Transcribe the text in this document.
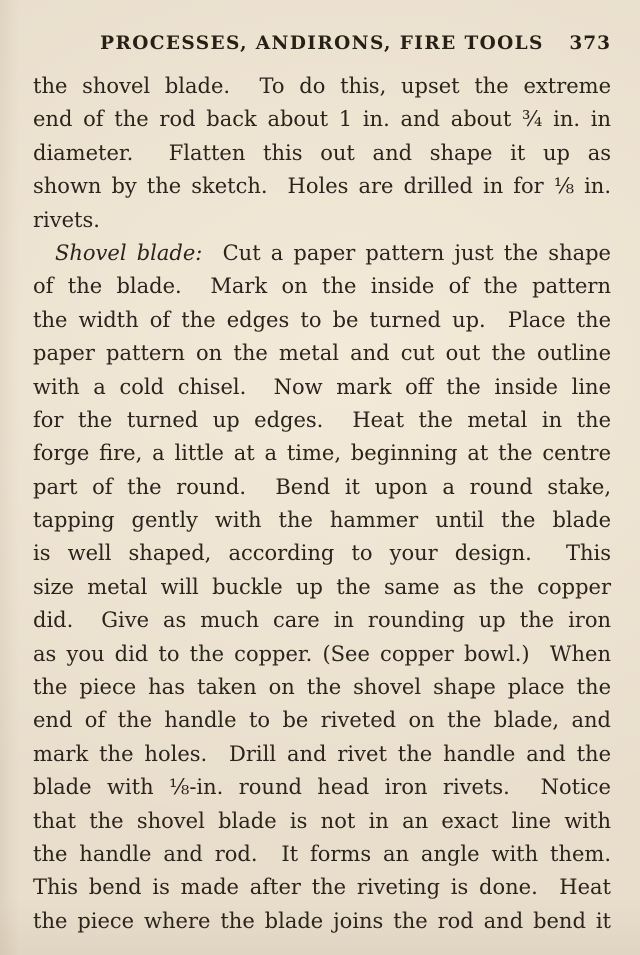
PROCESSES, ANDIRONS, FIRE TOOLS	373
the shovel blade.  To do this, upset the extreme
end of the rod back about 1 in. and about ¾ in. in
diameter.  Flatten this out and shape it up as
shown by the sketch.  Holes are drilled in for ⅛ in.
rivets.
Shovel blade:  Cut a paper pattern just the shape
of the blade.  Mark on the inside of the pattern
the width of the edges to be turned up.  Place the
paper pattern on the metal and cut out the outline
with a cold chisel.  Now mark off the inside line
for the turned up edges.  Heat the metal in the
forge fire, a little at a time, beginning at the centre
part of the round.  Bend it upon a round stake,
tapping gently with the hammer until the blade
is well shaped, according to your design.  This
size metal will buckle up the same as the copper
did.  Give as much care in rounding up the iron
as you did to the copper. (See copper bowl.)  When
the piece has taken on the shovel shape place the
end of the handle to be riveted on the blade, and
mark the holes.  Drill and rivet the handle and the
blade with ⅛-in. round head iron rivets.  Notice
that the shovel blade is not in an exact line with
the handle and rod.  It forms an angle with them.
This bend is made after the riveting is done.  Heat
the piece where the blade joins the rod and bend it
